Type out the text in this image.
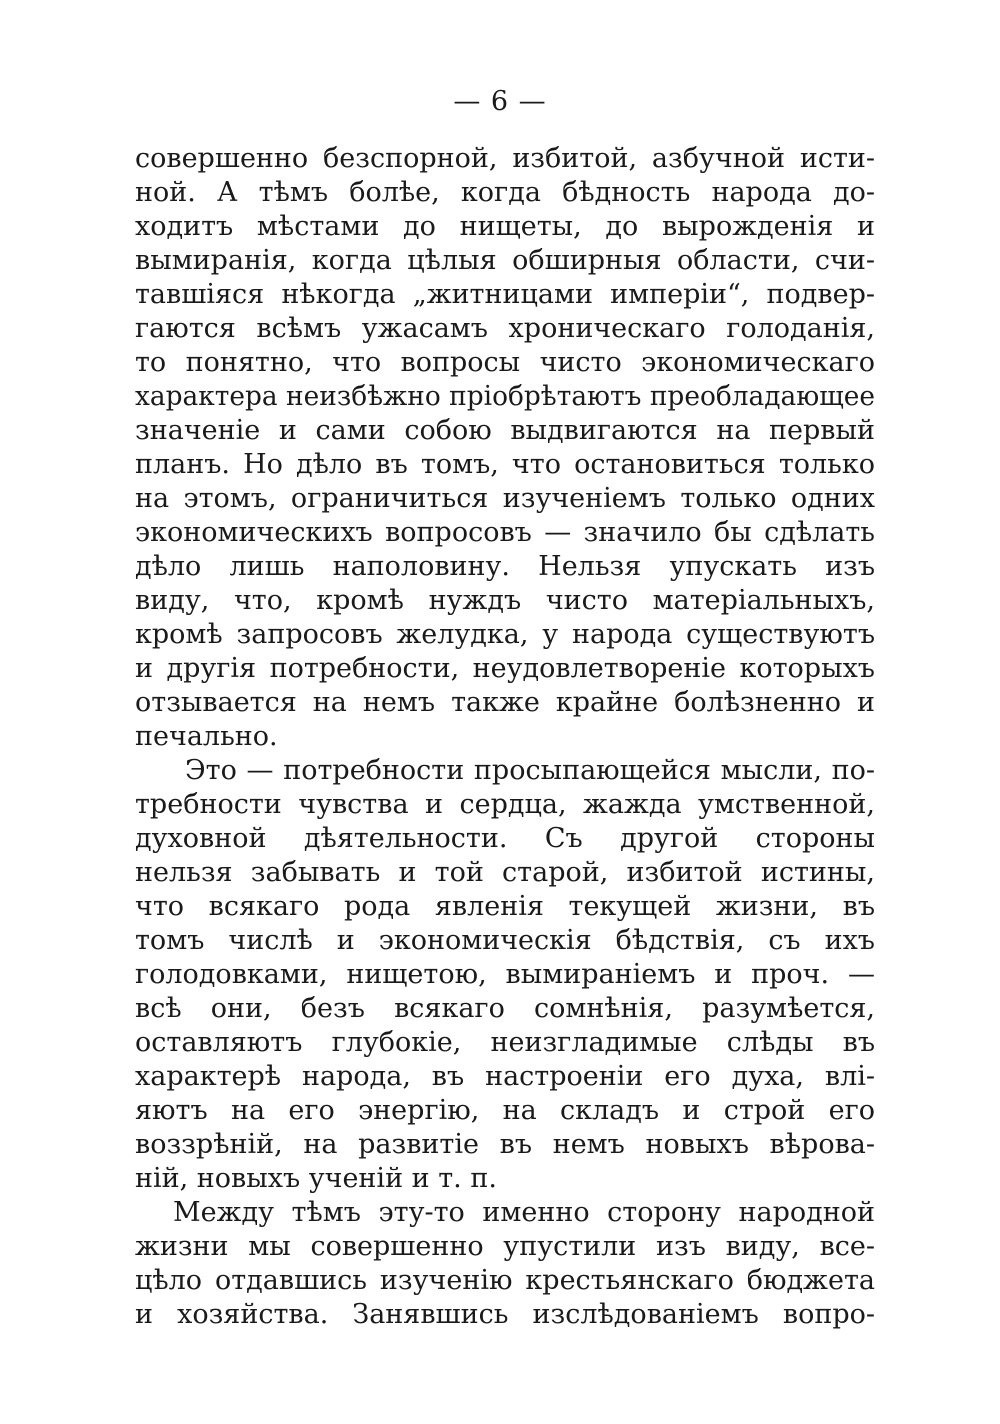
— 6 —
совершенно безспорной, избитой, азбучной исти-
ной. А тѣмъ болѣе, когда бѣдность народа до-
ходитъ мѣстами до нищеты, до вырожденія и
вымиранія, когда цѣлыя обширныя области, счи-
тавшіяся нѣкогда „житницами имперіи“, подвер-
гаются всѣмъ ужасамъ хроническаго голоданія,
то понятно, что вопросы чисто экономическаго
характера неизбѣжно пріобрѣтаютъ преобладающее
значеніе и сами собою выдвигаются на первый
планъ. Но дѣло въ томъ, что остановиться только
на этомъ, ограничиться изученіемъ только одних
экономическихъ вопросовъ — значило бы сдѣлать
дѣло лишь наполовину. Нельзя упускать изъ
виду, что, кромѣ нуждъ чисто матеріальныхъ,
кромѣ запросовъ желудка, у народа существуютъ
и другія потребности, неудовлетвореніе которыхъ
отзывается на немъ также крайне болѣзненно и
печально.
Это — потребности просыпающейся мысли, по-
требности чувства и сердца, жажда умственной,
духовной дѣятельности. Съ другой стороны
нельзя забывать и той старой, избитой истины,
что всякаго рода явленія текущей жизни, въ
томъ числѣ и экономическія бѣдствія, съ ихъ
голодовками, нищетою, вымираніемъ и проч. —
всѣ они, безъ всякаго сомнѣнія, разумѣется,
оставляютъ глубокіе, неизгладимые слѣды въ
характерѣ народа, въ настроеніи его духа, влі-
яютъ на его энергію, на складъ и строй его
воззрѣній, на развитіе въ немъ новыхъ вѣрова-
ній, новыхъ ученій и т. п.
Между тѣмъ эту-то именно сторону народной
жизни мы совершенно упустили изъ виду, все-
цѣло отдавшись изученію крестьянскаго бюджета
и хозяйства. Занявшись изслѣдованіемъ вопро-
